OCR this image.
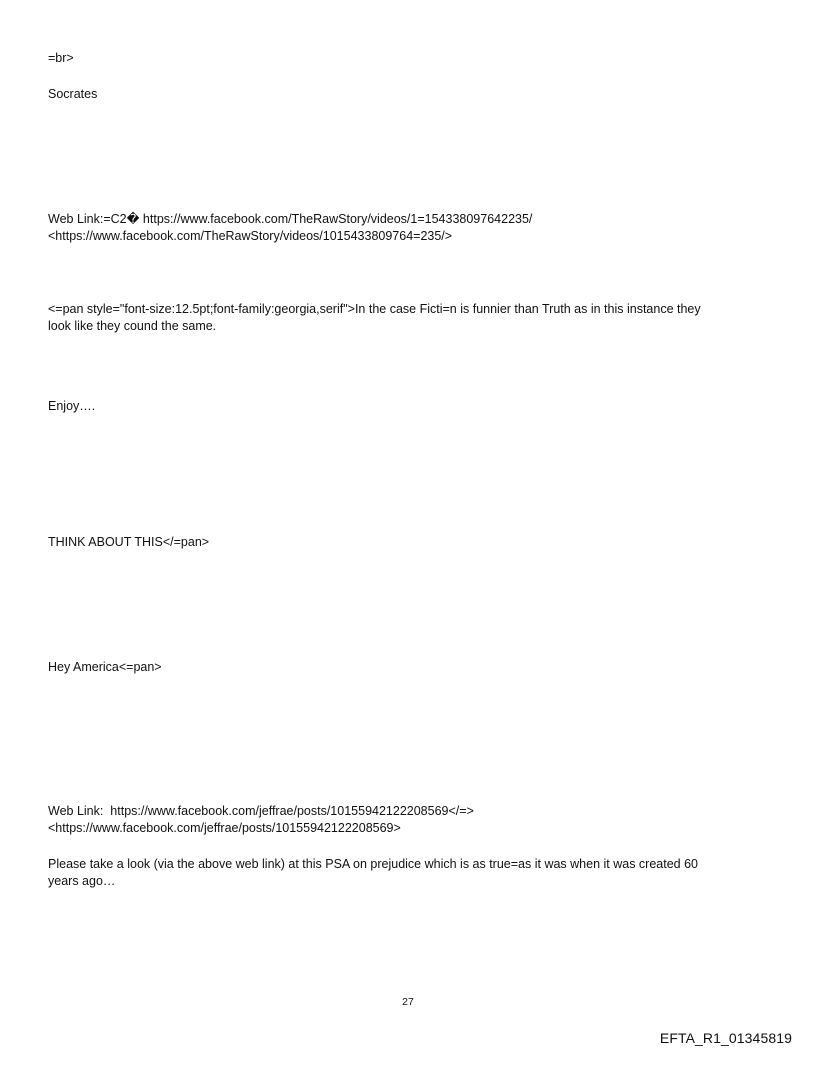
=br>
Socrates
Web Link:=C2� https://www.facebook.com/TheRawStory/videos/1=154338097642235/
<https://www.facebook.com/TheRawStory/videos/1015433809764=235/>
<=pan style="font-size:12.5pt;font-family:georgia,serif">In the case Ficti=n is funnier than Truth as in this instance they
look like they cound the same.
Enjoy….
THINK ABOUT THIS</=pan>
Hey America<=pan>
Web Link:  https://www.facebook.com/jeffrae/posts/10155942122208569</=>
<https://www.facebook.com/jeffrae/posts/10155942122208569>
Please take a look (via the above web link) at this PSA on prejudice which is as true=as it was when it was created 60
years ago…
27
EFTA_R1_01345819
